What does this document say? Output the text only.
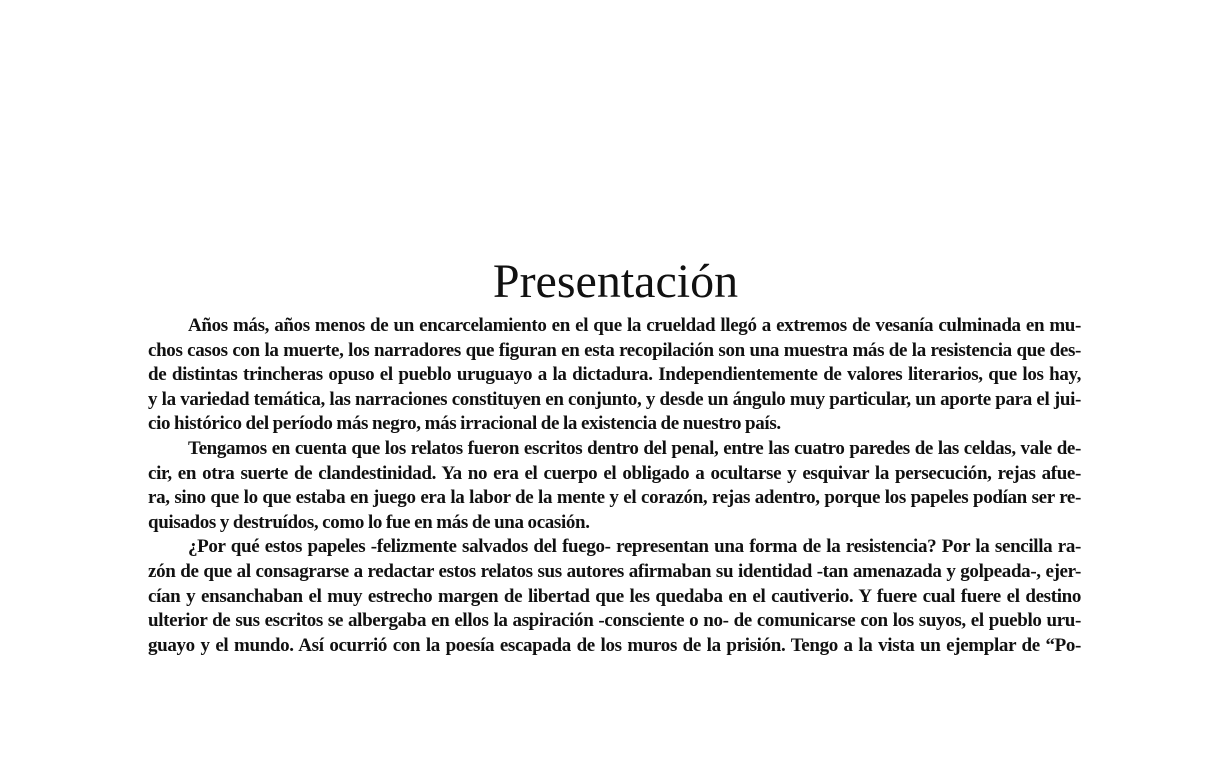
Presentación
Años más, años menos de un encarcelamiento en el que la crueldad llegó a extremos de vesanía culminada en mu-
chos casos con la muerte, los narradores que figuran en esta recopilación son una muestra más de la resistencia que des-
de distintas trincheras opuso el pueblo uruguayo a la dictadura. Independientemente de valores literarios, que los hay,
y la variedad temática, las narraciones constituyen en conjunto, y desde un ángulo muy particular, un aporte para el jui-
cio histórico del período más negro, más irracional de la existencia de nuestro país.
Tengamos en cuenta que los relatos fueron escritos dentro del penal, entre las cuatro paredes de las celdas, vale de-
cir, en otra suerte de clandestinidad. Ya no era el cuerpo el obligado a ocultarse y esquivar la persecución, rejas afue-
ra, sino que lo que estaba en juego era la labor de la mente y el corazón, rejas adentro, porque los papeles podían ser re-
quisados y destruídos, como lo fue en más de una ocasión.
¿Por qué estos papeles -felizmente salvados del fuego- representan una forma de la resistencia? Por la sencilla ra-
zón de que al consagrarse a redactar estos relatos sus autores afirmaban su identidad -tan amenazada y golpeada-, ejer-
cían y ensanchaban el muy estrecho margen de libertad que les quedaba en el cautiverio. Y fuere cual fuere el destino
ulterior de sus escritos se albergaba en ellos la aspiración -consciente o no- de comunicarse con los suyos, el pueblo uru-
guayo y el mundo. Así ocurrió con la poesía escapada de los muros de la prisión. Tengo a la vista un ejemplar de “Po-
